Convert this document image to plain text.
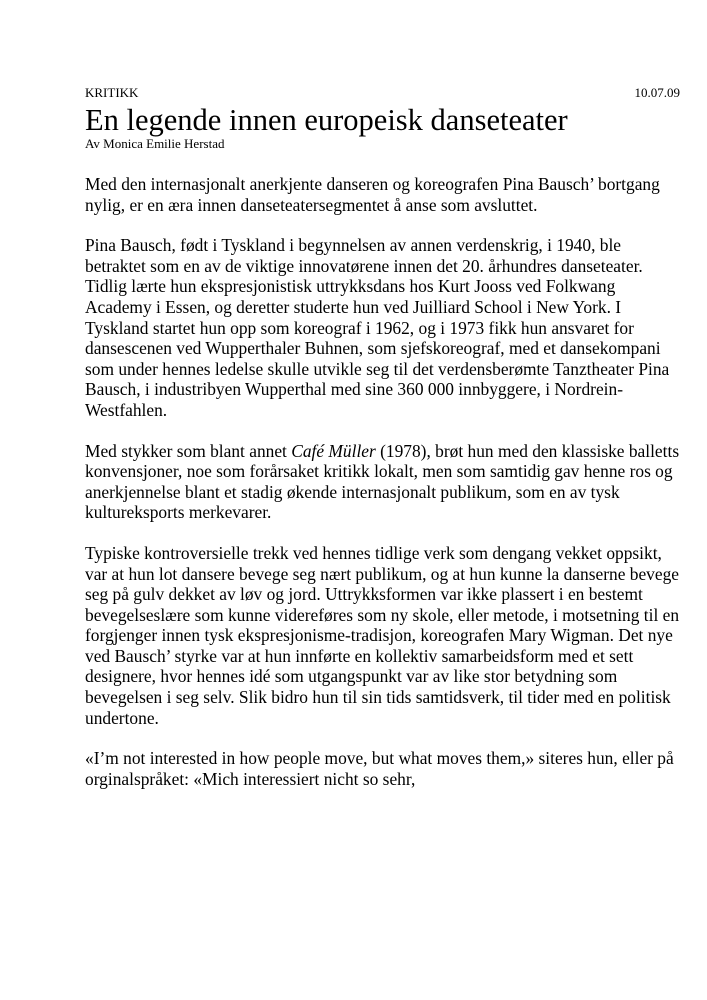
KRITIKK	10.07.09
En legende innen europeisk danseteater
Av Monica Emilie Herstad

Med den internasjonalt anerkjente danseren og koreografen Pina Bausch’ bortgang nylig, er en æra innen danseteatersegmentet å anse som avsluttet.

Pina Bausch, født i Tyskland i begynnelsen av annen verdenskrig, i 1940, ble betraktet som en av de viktige innovatørene innen det 20. århundres danseteater. Tidlig lærte hun ekspresjonistisk uttrykksdans hos Kurt Jooss ved Folkwang Academy i Essen, og deretter studerte hun ved Juilliard School i New York. I Tyskland startet hun opp som koreograf i 1962, og i 1973 fikk hun ansvaret for dansescenen ved Wupperthaler Buhnen, som sjefskoreograf, med et dansekompani som under hennes ledelse skulle utvikle seg til det verdensberømte Tanztheater Pina Bausch, i industribyen Wupperthal med sine 360 000 innbyggere, i Nordrein-Westfahlen.

Med stykker som blant annet Café Müller (1978), brøt hun med den klassiske balletts konvensjoner, noe som forårsaket kritikk lokalt, men som samtidig gav henne ros og anerkjennelse blant et stadig økende internasjonalt publikum, som en av tysk kultureksports merkevarer.

Typiske kontroversielle trekk ved hennes tidlige verk som dengang vekket oppsikt, var at hun lot dansere bevege seg nært publikum, og at hun kunne la danserne bevege seg på gulv dekket av løv og jord. Uttrykksformen var ikke plassert i en bestemt bevegelseslære som kunne videreføres som ny skole, eller metode, i motsetning til en forgjenger innen tysk ekspresjonisme-tradisjon, koreografen Mary Wigman. Det nye ved Bausch’ styrke var at hun innførte en kollektiv samarbeidsform med et sett designere, hvor hennes idé som utgangspunkt var av like stor betydning som bevegelsen i seg selv. Slik bidro hun til sin tids samtidsverk, til tider med en politisk undertone.

«I’m not interested in how people move, but what moves them,» siteres hun, eller på orginalspråket: «Mich interessiert nicht so sehr,
